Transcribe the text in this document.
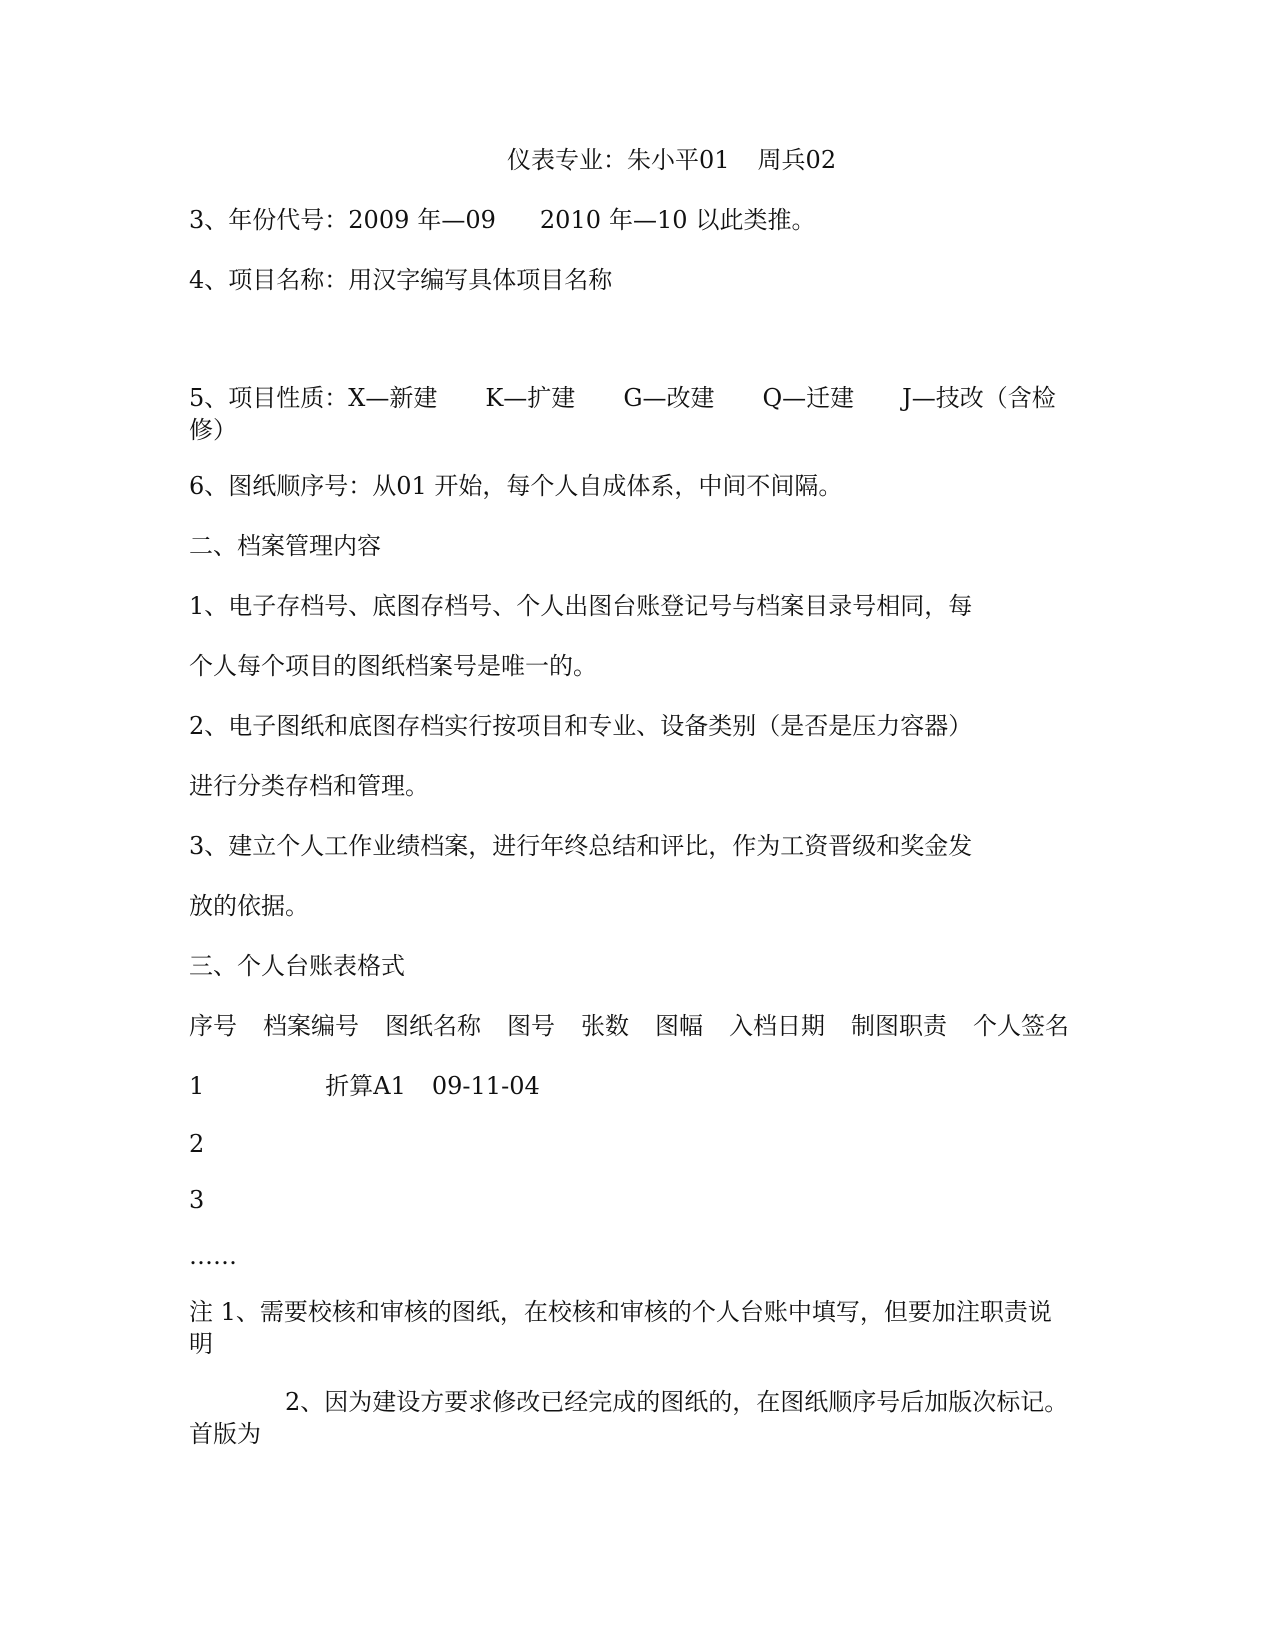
仪表专业：朱小平01 周兵02
3、年份代号：2009 年—09 2010 年—10 以此类推。
4、项目名称：用汉字编写具体项目名称
5、项目性质：X—新建 K—扩建 G—改建 Q—迁建 J—技改（含检
修）
6、图纸顺序号：从01 开始，每个人自成体系，中间不间隔。
二、档案管理内容
1、电子存档号、底图存档号、个人出图台账登记号与档案目录号相同，每
个人每个项目的图纸档案号是唯一的。
2、电子图纸和底图存档实行按项目和专业、设备类别（是否是压力容器）
进行分类存档和管理。
3、建立个人工作业绩档案，进行年终总结和评比，作为工资晋级和奖金发
放的依据。
三、个人台账表格式
序号 档案编号 图纸名称 图号 张数 图幅 入档日期 制图职责 个人签名
1	折算A1 09-11-04
2
3
……
注 1、需要校核和审核的图纸，在校核和审核的个人台账中填写，但要加注职责说
明
2、因为建设方要求修改已经完成的图纸的，在图纸顺序号后加版次标记。
首版为
